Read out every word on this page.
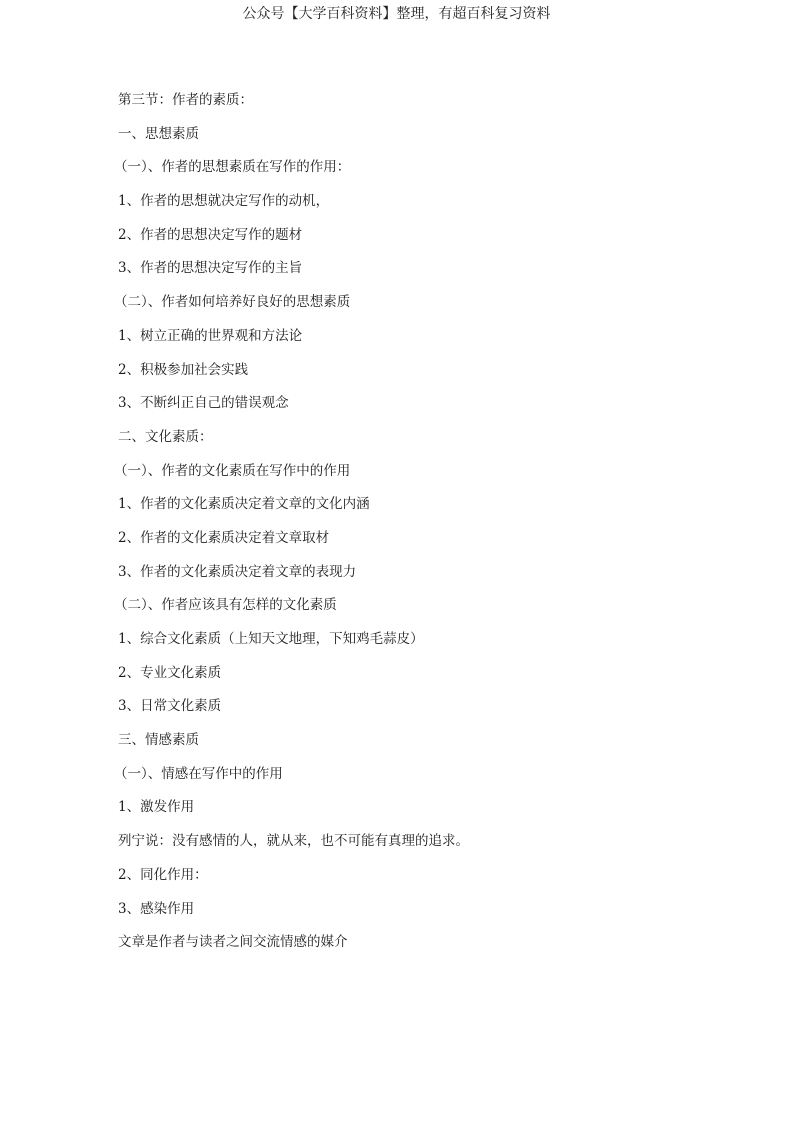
公众号【大学百科资料】整理，有超百科复习资料
第三节：作者的素质：
一、思想素质
（一）、作者的思想素质在写作的作用：
1、作者的思想就决定写作的动机，
2、作者的思想决定写作的题材
3、作者的思想决定写作的主旨
（二）、作者如何培养好良好的思想素质
1、树立正确的世界观和方法论
2、积极参加社会实践
3、不断纠正自己的错误观念
二、文化素质：
（一）、作者的文化素质在写作中的作用
1、作者的文化素质决定着文章的文化内涵
2、作者的文化素质决定着文章取材
3、作者的文化素质决定着文章的表现力
（二）、作者应该具有怎样的文化素质
1、综合文化素质（上知天文地理，下知鸡毛蒜皮）
2、专业文化素质
3、日常文化素质
三、情感素质
（一）、情感在写作中的作用
1、激发作用
列宁说：没有感情的人，就从来，也不可能有真理的追求。
2、同化作用：
3、感染作用
文章是作者与读者之间交流情感的媒介
